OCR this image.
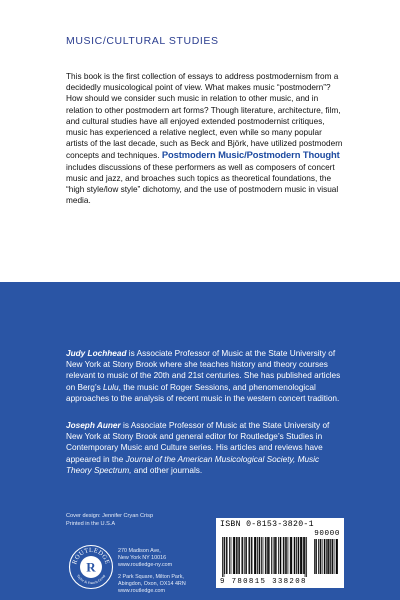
MUSIC/CULTURAL STUDIES
This book is the first collection of essays to address postmodernism from a decidedly musicological point of view. What makes music “postmodern”? How should we consider such music in relation to other music, and in relation to other postmodern art forms? Though literature, architecture, film, and cultural studies have all enjoyed extended postmodernist critiques, music has experienced a relative neglect, even while so many popular artists of the last decade, such as Beck and Björk, have utilized postmodern concepts and techniques. Postmodern Music/Postmodern Thought includes discussions of these performers as well as composers of concert music and jazz, and broaches such topics as theoretical foundations, the “high style/low style” dichotomy, and the use of postmodern music in visual media.
Judy Lochhead is Associate Professor of Music at the State University of New York at Stony Brook where she teaches history and theory courses relevant to music of the 20th and 21st centuries. She has published articles on Berg’s Lulu, the music of Roger Sessions, and phenomenological approaches to the analysis of recent music in the western concert tradition.
Joseph Auner is Associate Professor of Music at the State University of New York at Stony Brook and general editor for Routledge’s Studies in Contemporary Music and Culture series. His articles and reviews have appeared in the Journal of the American Musicological Society, Music Theory Spectrum, and other journals.
Cover design: Jennifer Cryan Crisp
Printed in the U.S.A
R
ROUTLEDGE
Taylor & Francis Group
270 Madison Ave,
New York NY 10016
www.routledge-ny.com
2 Park Square, Milton Park,
Abingdon, Oxon, OX14 4RN
www.routledge.com
ISBN 0-8153-3820-1
90000
9 780815 338208
